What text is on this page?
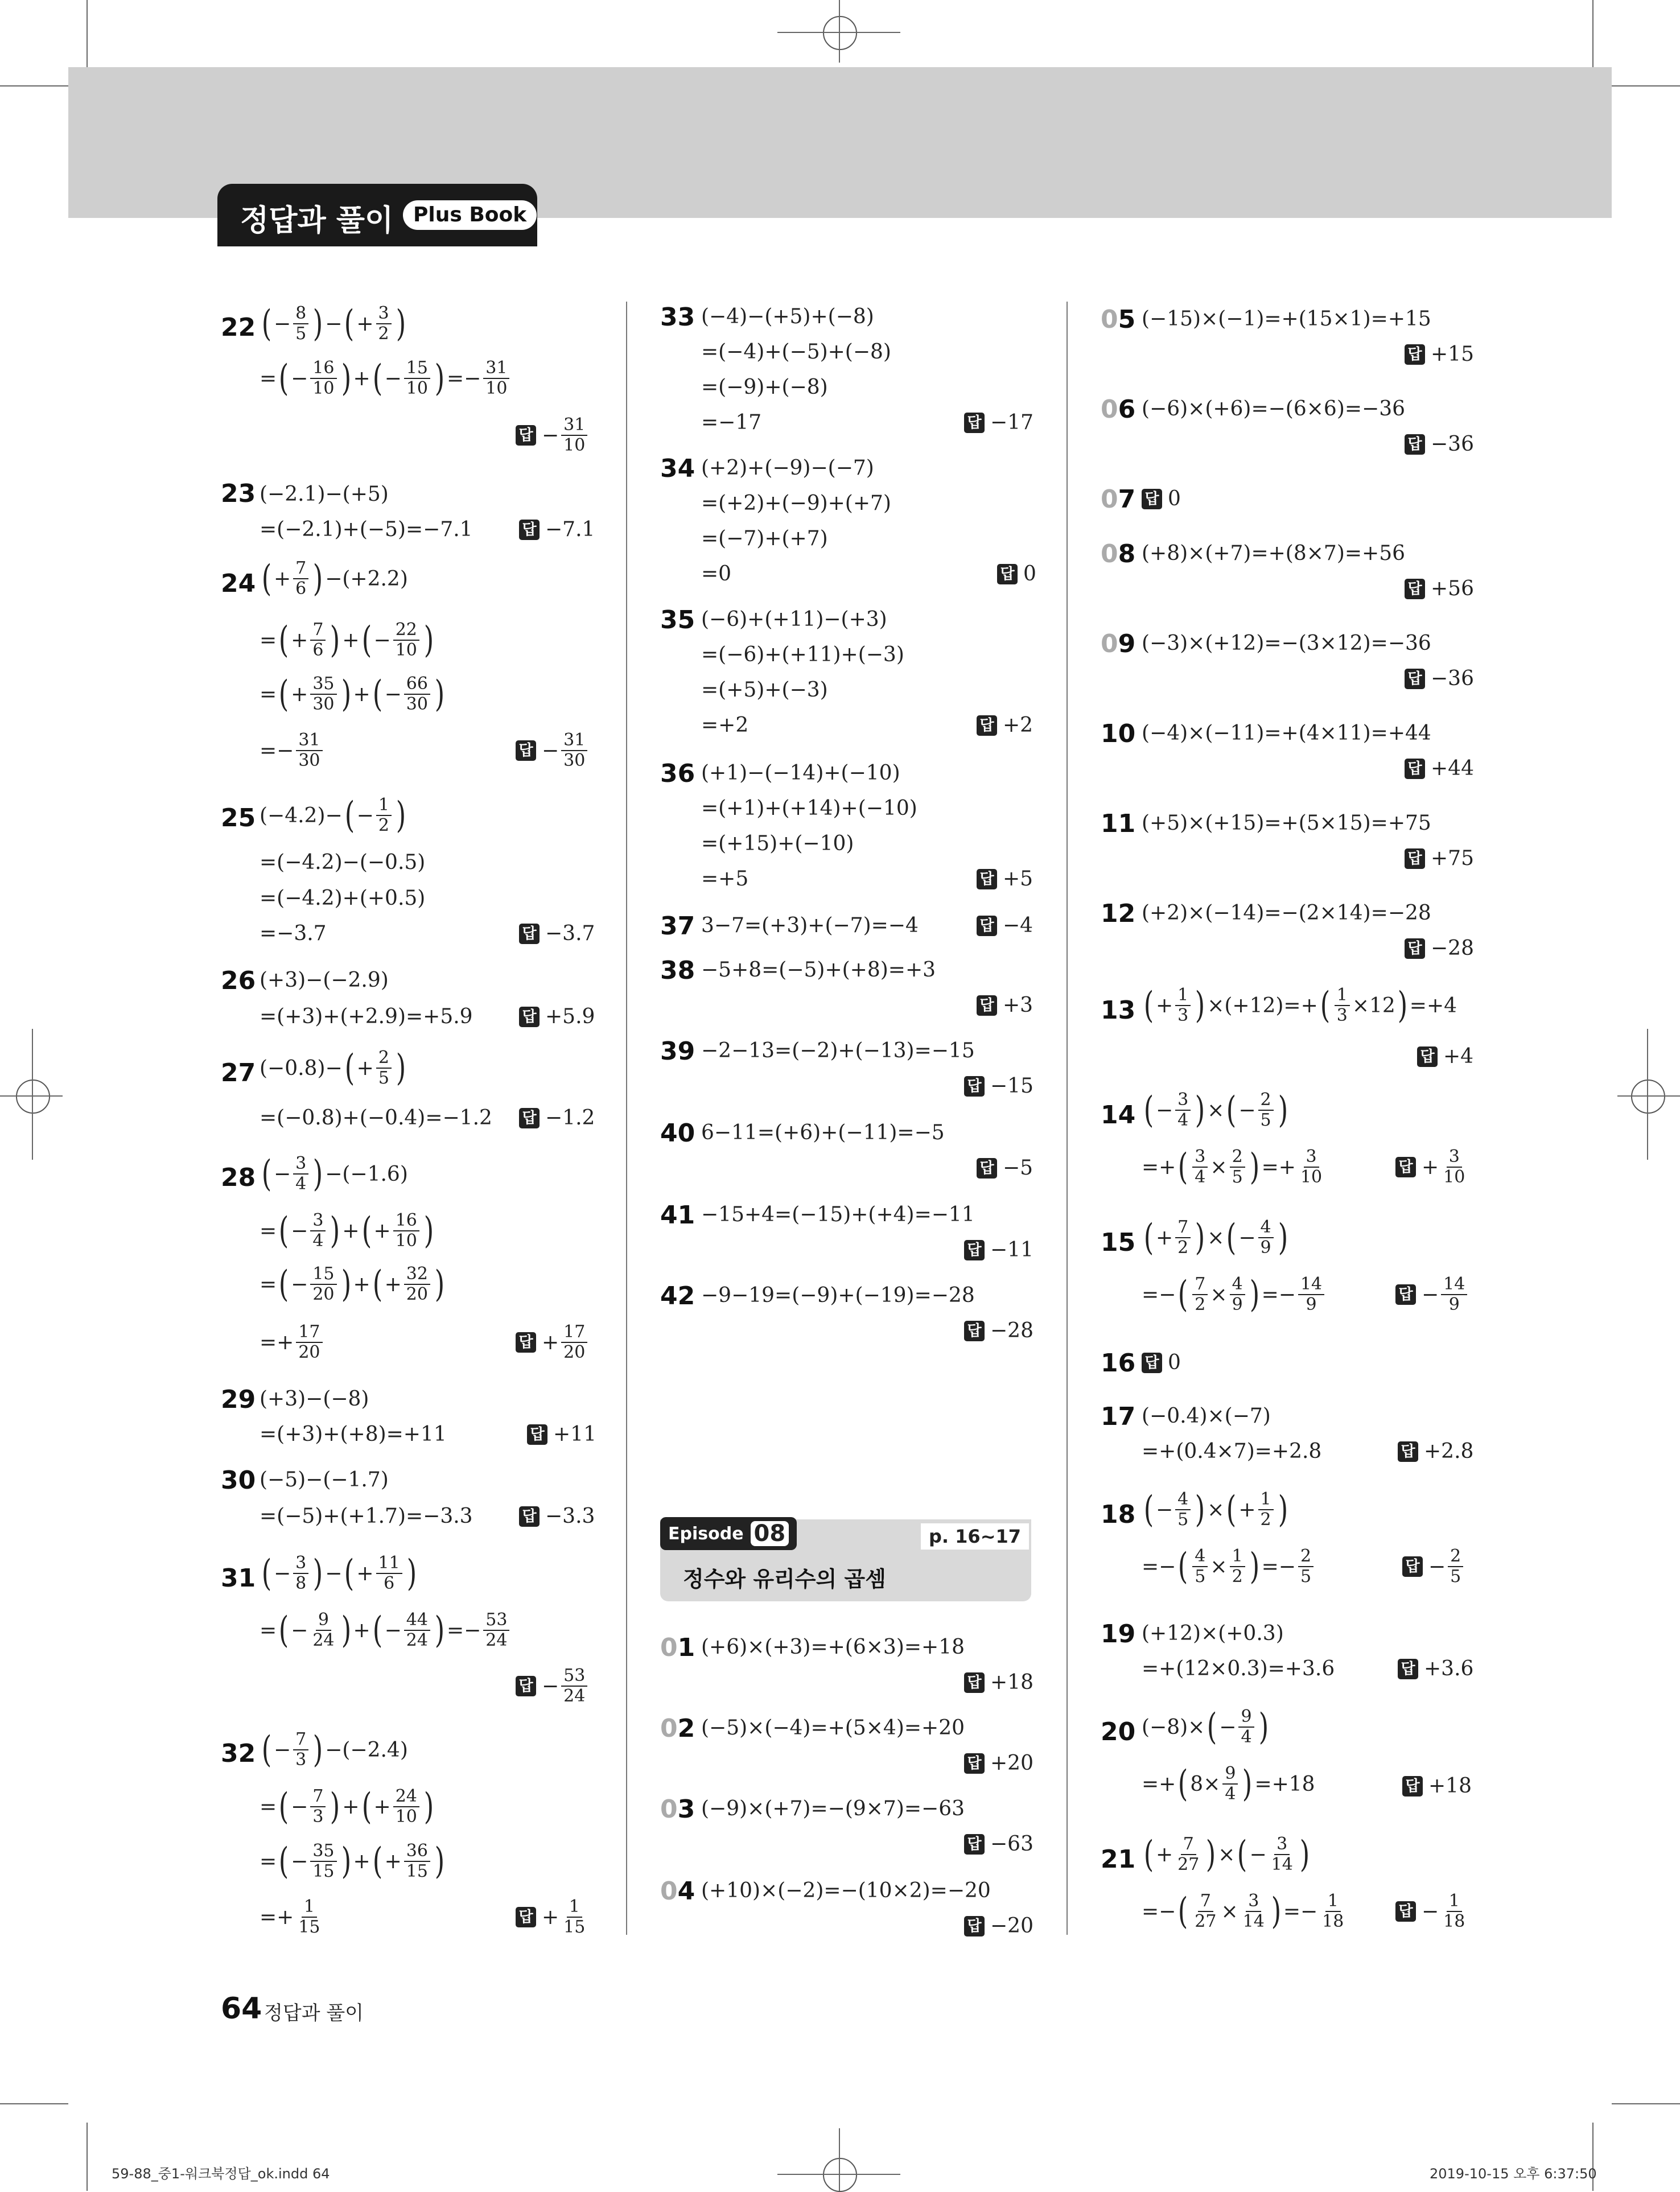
정답과 풀이 Plus Book
22 ( − $\frac{8}{5}$ ) − ( + $\frac{3}{2}$ )
= ( − $\frac{16}{10}$ ) + ( − $\frac{15}{10}$ ) =− $\frac{31}{10}$
답 − $\frac{31}{10}$
23 (−2.1)−(+5)
=(−2.1)+(−5)=−7.1	답 −7.1
24 ( + $\frac{7}{6}$ ) −(+2.2)
= ( + $\frac{7}{6}$ ) + ( − $\frac{22}{10}$ )
= ( + $\frac{35}{30}$ ) + ( − $\frac{66}{30}$ )
=− $\frac{31}{30}$	답 − $\frac{31}{30}$
25 (−4.2)− ( − $\frac{1}{2}$ )
=(−4.2)−(−0.5)
=(−4.2)+(+0.5)
=−3.7	답 −3.7
26 (+3)−(−2.9)
=(+3)+(+2.9)=+5.9	답 +5.9
27 (−0.8)− ( + $\frac{2}{5}$ )
=(−0.8)+(−0.4)=−1.2 답 −1.2
28 ( − $\frac{3}{4}$ ) −(−1.6)
= ( − $\frac{3}{4}$ ) + ( + $\frac{16}{10}$ )
= ( − $\frac{15}{20}$ ) + ( + $\frac{32}{20}$ )
=+ $\frac{17}{20}$	답 + $\frac{17}{20}$
29 (+3)−(−8)
=(+3)+(+8)=+11	답 +11
30 (−5)−(−1.7)
=(−5)+(+1.7)=−3.3	답 −3.3
31 ( − $\frac{3}{8}$ ) − ( + $\frac{11}{6}$ )
= ( − $\frac{9}{24}$ ) + ( − $\frac{44}{24}$ ) =− $\frac{53}{24}$
답 − $\frac{53}{24}$
32 ( − $\frac{7}{3}$ ) −(−2.4)
= ( − $\frac{7}{3}$ ) + ( + $\frac{24}{10}$ )
= ( − $\frac{35}{15}$ ) + ( + $\frac{36}{15}$ )
=+ $\frac{1}{15}$	답 + $\frac{1}{15}$
33 (−4)−(+5)+(−8)
=(−4)+(−5)+(−8)
=(−9)+(−8)
=−17	답 −17
34 (+2)+(−9)−(−7)
=(+2)+(−9)+(+7)
=(−7)+(+7)
=0	답 0
35 (−6)+(+11)−(+3)
=(−6)+(+11)+(−3)
=(+5)+(−3)
=+2	답 +2
36 (+1)−(−14)+(−10)
=(+1)+(+14)+(−10)
=(+15)+(−10)
=+5	답 +5
37 3−7=(+3)+(−7)=−4	답 −4
38 −5+8=(−5)+(+8)=+3
답 +3
39 −2−13=(−2)+(−13)=−15
답 −15
40 6−11=(+6)+(−11)=−5
답 −5
41 −15+4=(−15)+(+4)=−11
답 −11
42 −9−19=(−9)+(−19)=−28
답 −28
Episode 08	p. 16~17
정수와 유리수의 곱셈
01 (+6)×(+3)=+(6×3)=+18
답 +18
02 (−5)×(−4)=+(5×4)=+20
답 +20
03 (−9)×(+7)=−(9×7)=−63
답 −63
04 (+10)×(−2)=−(10×2)=−20
답 −20
05 (−15)×(−1)=+(15×1)=+15
답 +15
06 (−6)×(+6)=−(6×6)=−36
답 −36
07 답 0
08 (+8)×(+7)=+(8×7)=+56
답 +56
09 (−3)×(+12)=−(3×12)=−36
답 −36
10 (−4)×(−11)=+(4×11)=+44
답 +44
11 (+5)×(+15)=+(5×15)=+75
답 +75
12 (+2)×(−14)=−(2×14)=−28
답 −28
13 ( + $\frac{1}{3}$ ) ×(+12)=+ ( $\frac{1}{3} \times 12$ ) =+4
답 +4
14 ( − $\frac{3}{4}$ ) × ( − $\frac{2}{5}$ )
=+ ( $\frac{3}{4} \times \frac{2}{5}$ ) =+ $\frac{3}{10}$	답 + $\frac{3}{10}$
15 ( + $\frac{7}{2}$ ) × ( − $\frac{4}{9}$ )
=− ( $\frac{7}{2} \times \frac{4}{9}$ ) =− $\frac{14}{9}$	답 − $\frac{14}{9}$
16 답 0
17 (−0.4)×(−7)
=+(0.4×7)=+2.8	답 +2.8
18 ( − $\frac{4}{5}$ ) × ( + $\frac{1}{2}$ )
=− ( $\frac{4}{5} \times \frac{1}{2}$ ) =− $\frac{2}{5}$	답 − $\frac{2}{5}$
19 (+12)×(+0.3)
=+(12×0.3)=+3.6	답 +3.6
20 (−8)× ( − $\frac{9}{4}$ )
=+ ( $8\times \frac{9}{4}$ ) =+18	답 +18
21 ( + $\frac{7}{27}$ ) × ( − $\frac{3}{14}$ )
=− ( $\frac{7}{27} \times \frac{3}{14}$ ) =− $\frac{1}{18}$	답 − $\frac{1}{18}$
64 정답과 풀이
59-88_중1-워크북정답_ok.indd 64	2019-10-15 오후 6:37:50
